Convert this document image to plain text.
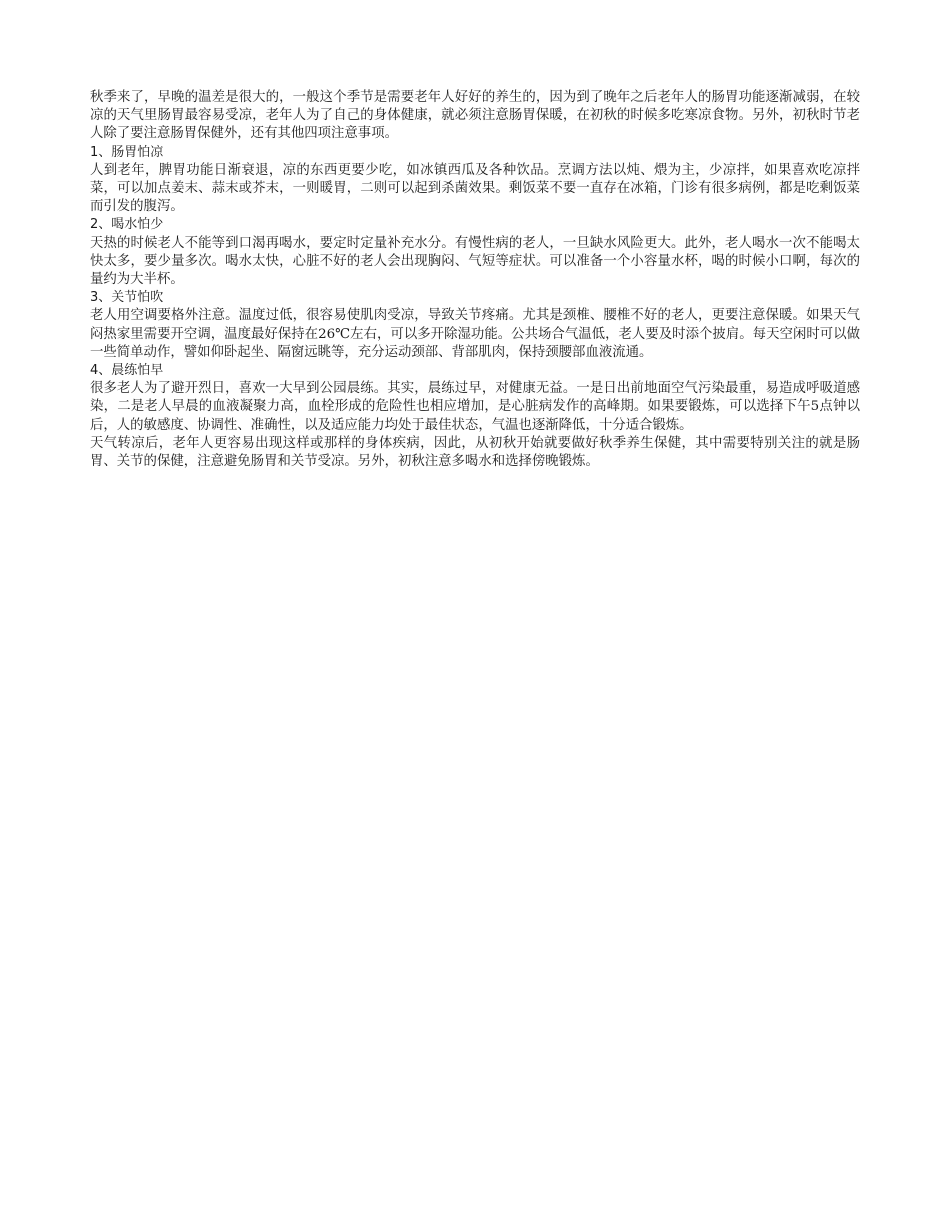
秋季来了，早晚的温差是很大的，一般这个季节是需要老年人好好的养生的，因为到了晚年之后老年人的肠胃功能逐渐减弱，在较凉的天气里肠胃最容易受凉，老年人为了自己的身体健康，就必须注意肠胃保暖，在初秋的时候多吃寒凉食物。另外，初秋时节老人除了要注意肠胃保健外，还有其他四项注意事项。

1、肠胃怕凉

人到老年，脾胃功能日渐衰退，凉的东西更要少吃，如冰镇西瓜及各种饮品。烹调方法以炖、煨为主，少凉拌，如果喜欢吃凉拌菜，可以加点姜末、蒜末或芥末，一则暖胃，二则可以起到杀菌效果。剩饭菜不要一直存在冰箱，门诊有很多病例，都是吃剩饭菜而引发的腹泻。

2、喝水怕少

天热的时候老人不能等到口渴再喝水，要定时定量补充水分。有慢性病的老人，一旦缺水风险更大。此外，老人喝水一次不能喝太快太多，要少量多次。喝水太快，心脏不好的老人会出现胸闷、气短等症状。可以准备一个小容量水杯，喝的时候小口啊，每次的量约为大半杯。

3、关节怕吹

老人用空调要格外注意。温度过低，很容易使肌肉受凉，导致关节疼痛。尤其是颈椎、腰椎不好的老人，更要注意保暖。如果天气闷热家里需要开空调，温度最好保持在26℃左右，可以多开除湿功能。公共场合气温低，老人要及时添个披肩。每天空闲时可以做一些简单动作，譬如仰卧起坐、隔窗远眺等，充分运动颈部、背部肌肉，保持颈腰部血液流通。

4、晨练怕早

很多老人为了避开烈日，喜欢一大早到公园晨练。其实，晨练过早，对健康无益。一是日出前地面空气污染最重，易造成呼吸道感染，二是老人早晨的血液凝聚力高，血栓形成的危险性也相应增加，是心脏病发作的高峰期。如果要锻炼，可以选择下午5点钟以后，人的敏感度、协调性、准确性，以及适应能力均处于最佳状态，气温也逐渐降低，十分适合锻炼。

天气转凉后，老年人更容易出现这样或那样的身体疾病，因此，从初秋开始就要做好秋季养生保健，其中需要特别关注的就是肠胃、关节的保健，注意避免肠胃和关节受凉。另外，初秋注意多喝水和选择傍晚锻炼。
